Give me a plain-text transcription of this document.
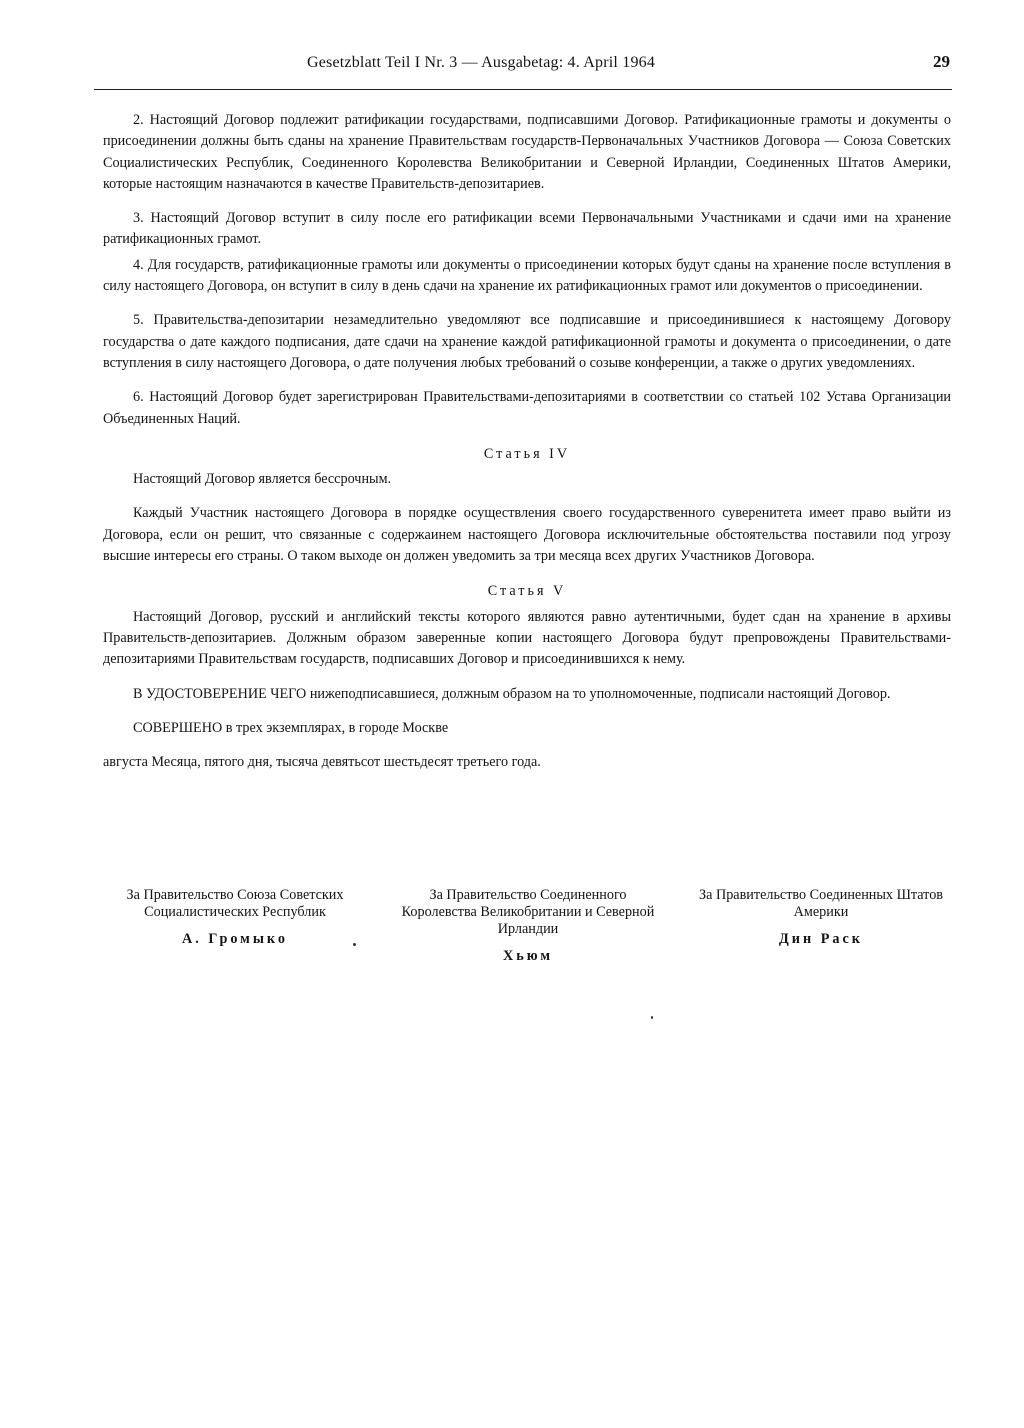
Gesetzblatt Teil I Nr. 3 — Ausgabetag: 4. April 1964	29

2. Настоящий Договор подлежит ратификации государствами, подписавшими Договор. Ратификационные грамоты и документы о присоединении должны быть сданы на хранение Правительствам государств-Первоначальных Участников Договора — Союза Советских Социалистических Республик, Соединенного Королевства Великобритании и Северной Ирландии, Соединенных Штатов Америки, которые настоящим назначаются в качестве Правительств-депозитариев.

3. Настоящий Договор вступит в силу после его ратификации всеми Первоначальными Участниками и сдачи ими на хранение ратификационных грамот.

4. Для государств, ратификационные грамоты или документы о присоединении которых будут сданы на хранение после вступления в силу настоящего Договора, он вступит в силу в день сдачи на хранение их ратификационных грамот или документов о присоединении.

5. Правительства-депозитарии незамедлительно уведомляют все подписавшие и присоединившиеся к настоящему Договору государства о дате каждого подписания, дате сдачи на хранение каждой ратификационной грамоты и документа о присоединении, о дате вступления в силу настоящего Договора, о дате получения любых требований о созыве конференции, а также о других уведомлениях.

6. Настоящий Договор будет зарегистрирован Правительствами-депозитариями в соответствии со статьей 102 Устава Организации Объединенных Наций.

Статья IV

Настоящий Договор является бессрочным.

Каждый Участник настоящего Договора в порядке осуществления своего государственного суверенитета имеет право выйти из Договора, если он решит, что связанные с содержаинем настоящего Договора исключительные обстоятельства поставили под угрозу высшие интересы его страны. О таком выходе он должен уведомить за три месяца всех других Участников Договора.

Статья V

Настоящий Договор, русский и английский тексты которого являются равно аутентичными, будет сдан на хранение в архивы Правительств-депозитариев. Должным образом заверенные копии настоящего Договора будут препровождены Правительствами-депозитариями Правительствам государств, подписавших Договор и присоединившихся к нему.

В УДОСТОВЕРЕНИЕ ЧЕГО нижеподписавшиеся, должным образом на то уполномоченные, подписали настоящий Договор.

СОВЕРШЕНО в трех экземплярах, в городе Москве

августа Месяца, пятого дня, тысяча девятьсот шестьдесят третьего года.

За Правительство Союза Советских Социалистических Республик
А. Громыко
За Правительство Соединенного Королевства Великобритании и Северной Ирландии
Хьюм
За Правительство Соединенных Штатов Америки
Дин Раск
